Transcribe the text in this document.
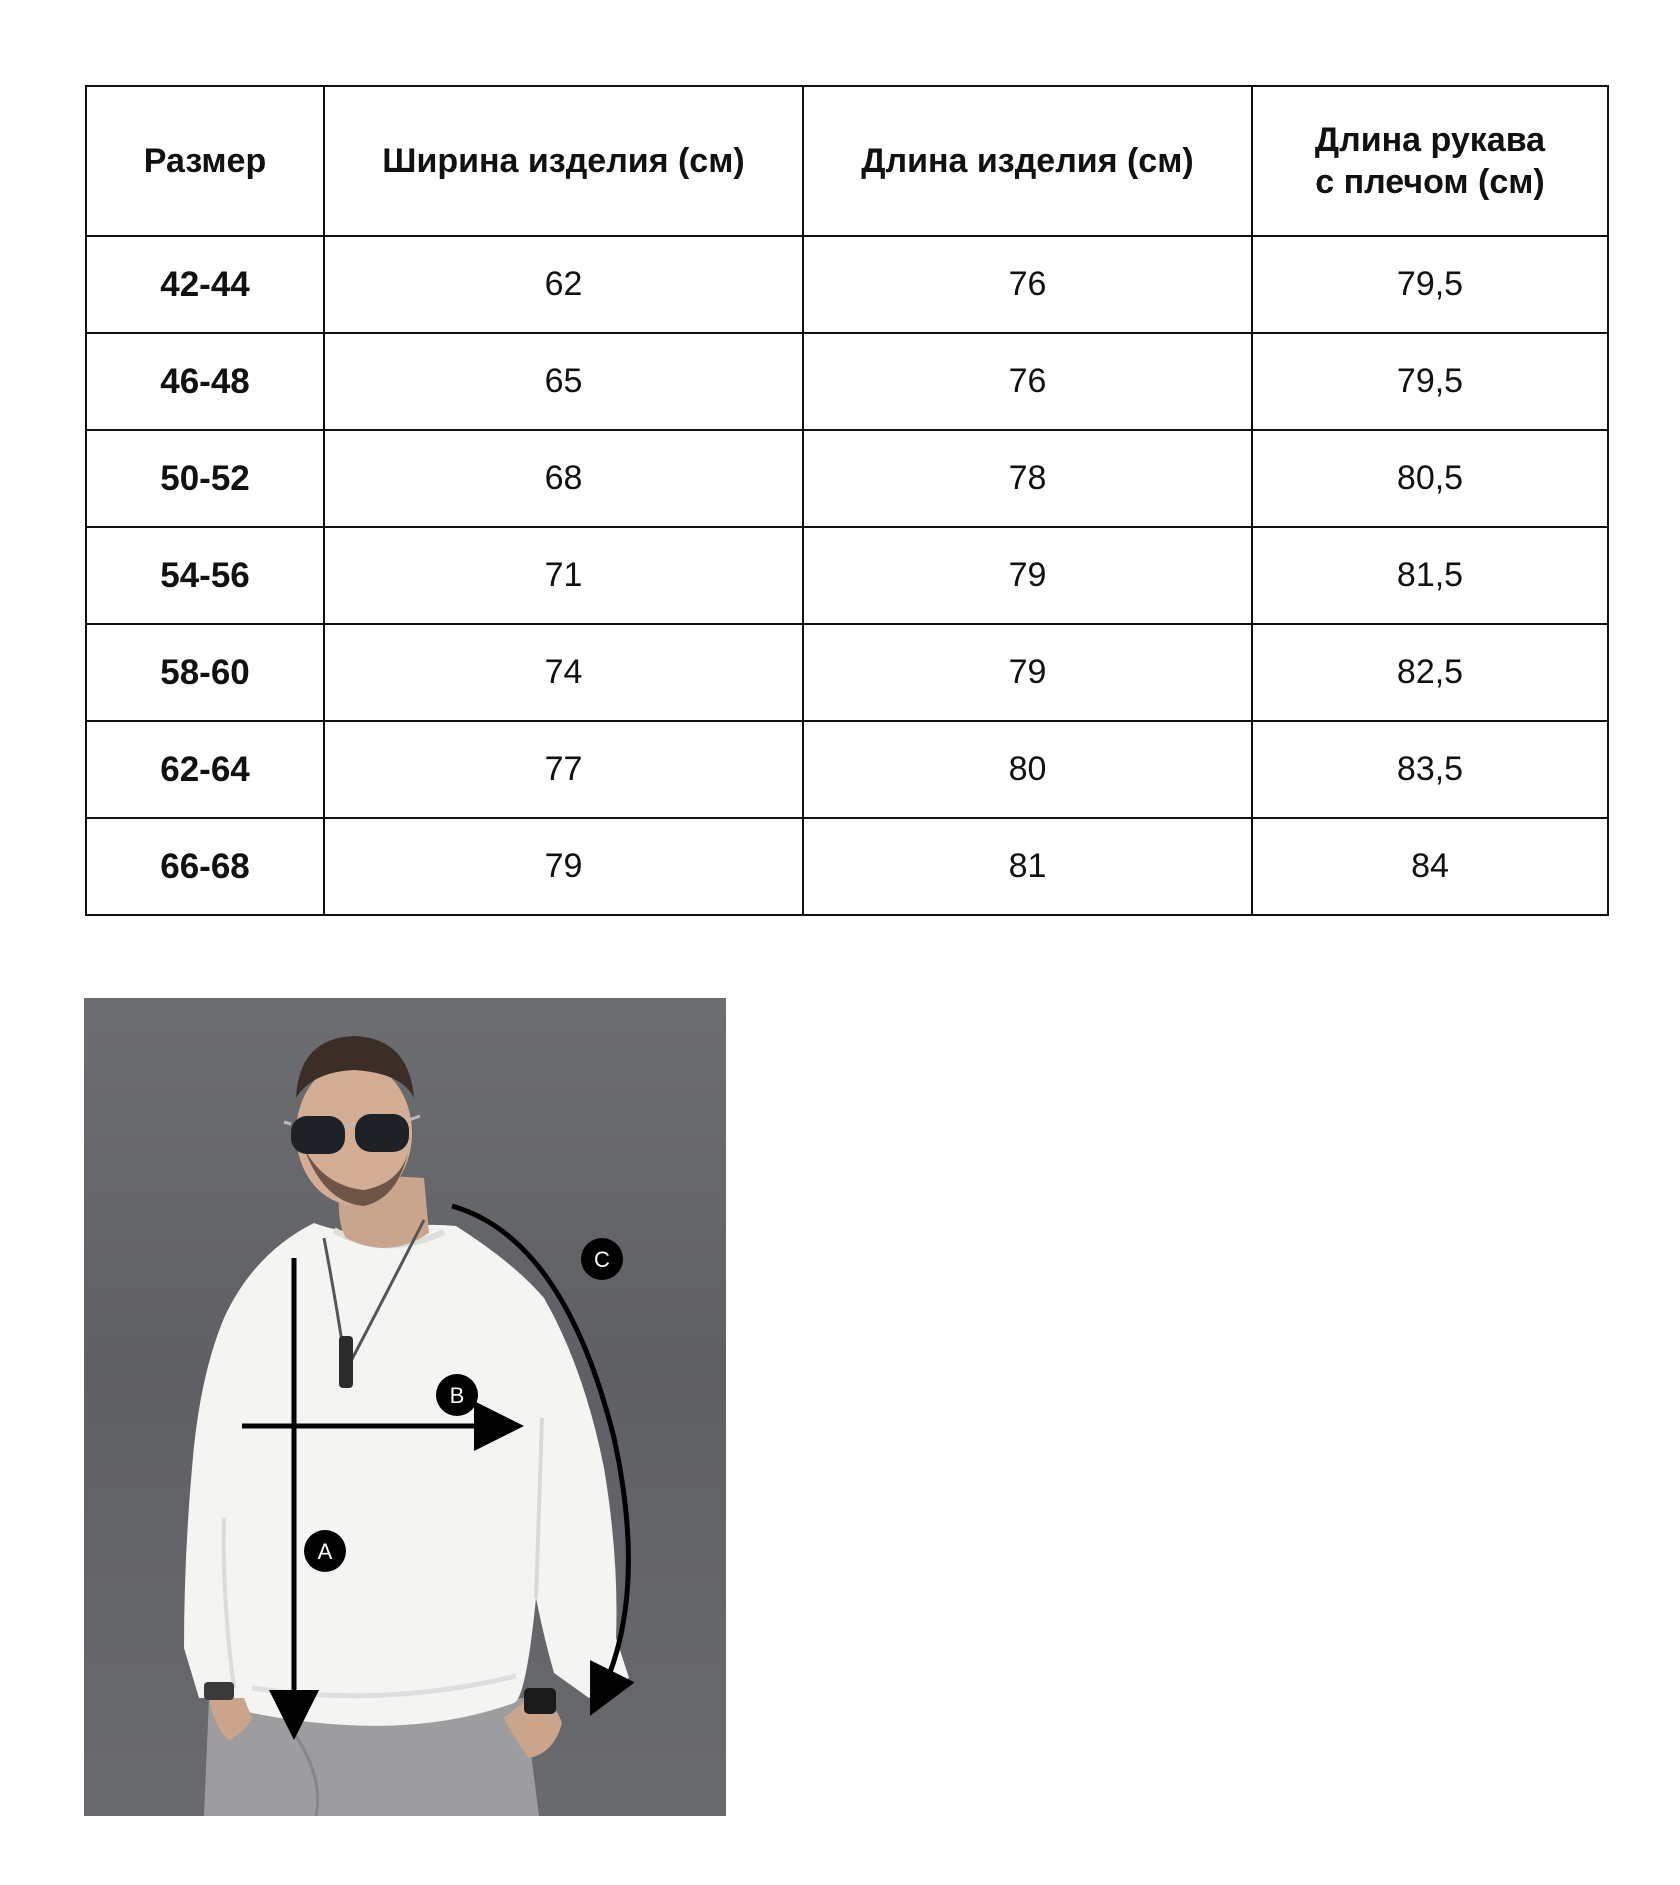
Размер	Ширина изделия (см)	Длина изделия (см)	Длина рукава
с плечом (см)
42-44	62	76	79,5
46-48	65	76	79,5
50-52	68	78	80,5
54-56	71	79	81,5
58-60	74	79	82,5
62-64	77	80	83,5
66-68	79	81	84
A
B
C
